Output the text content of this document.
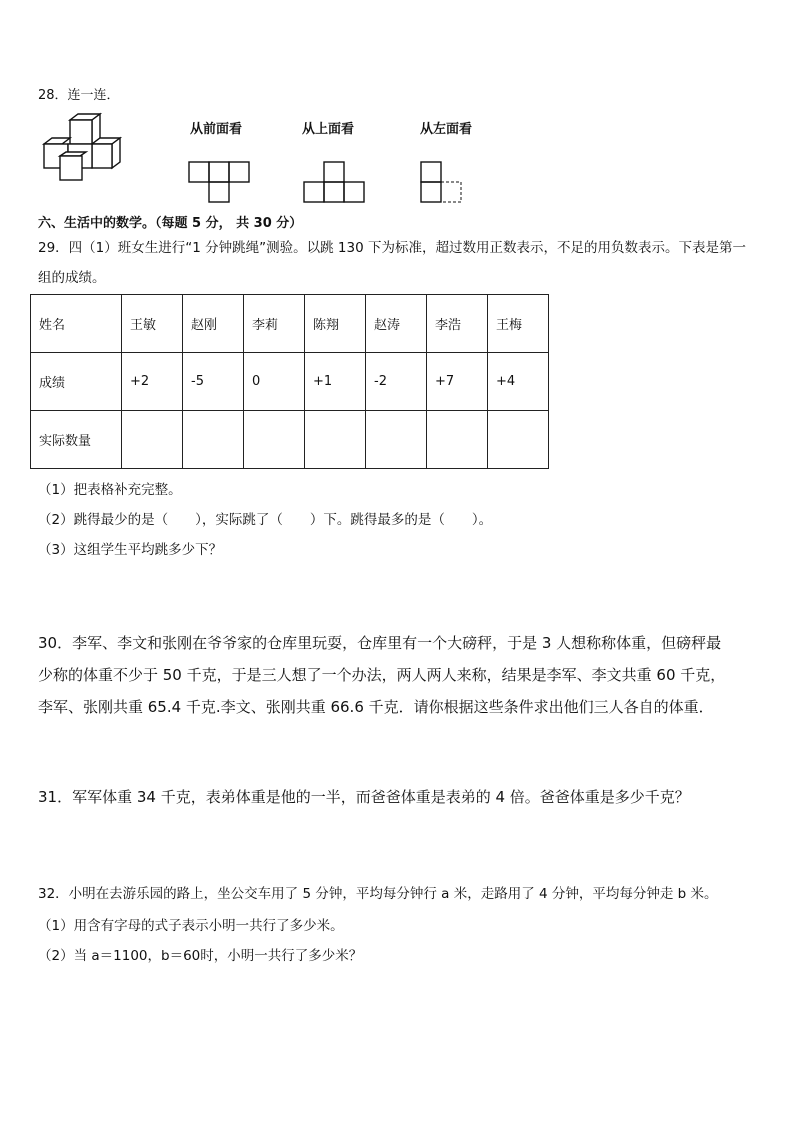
28．连一连．
从前面看	从上面看	从左面看
六、生活中的数学。（每题 5 分， 共 30 分）
29．四（1）班女生进行“1 分钟跳绳”测验。以跳 130 下为标准，超过数用正数表示，不足的用负数表示。下表是第一
组的成绩。
姓名	王敏	赵刚	李莉	陈翔	赵涛	李浩	王梅
成绩	+2	-5	0	+1	-2	+7	+4
实际数量							
（1）把表格补充完整。
（2）跳得最少的是（　　），实际跳了（　　）下。跳得最多的是（　　）。
（3）这组学生平均跳多少下？
30．李军、李文和张刚在爷爷家的仓库里玩耍，仓库里有一个大磅秤，于是 3 人想称称体重，但磅秤最
少称的体重不少于 50 千克，于是三人想了一个办法，两人两人来称，结果是李军、李文共重 60 千克，
李军、张刚共重 65.4 千克.李文、张刚共重 66.6 千克．请你根据这些条件求出他们三人各自的体重．
31．军军体重 34 千克，表弟体重是他的一半，而爸爸体重是表弟的 4 倍。爸爸体重是多少千克？
32．小明在去游乐园的路上，坐公交车用了 5 分钟，平均每分钟行 a 米，走路用了 4 分钟，平均每分钟走 b 米。
（1）用含有字母的式子表示小明一共行了多少米。
（2）当 a＝1100，b＝60时，小明一共行了多少米？
